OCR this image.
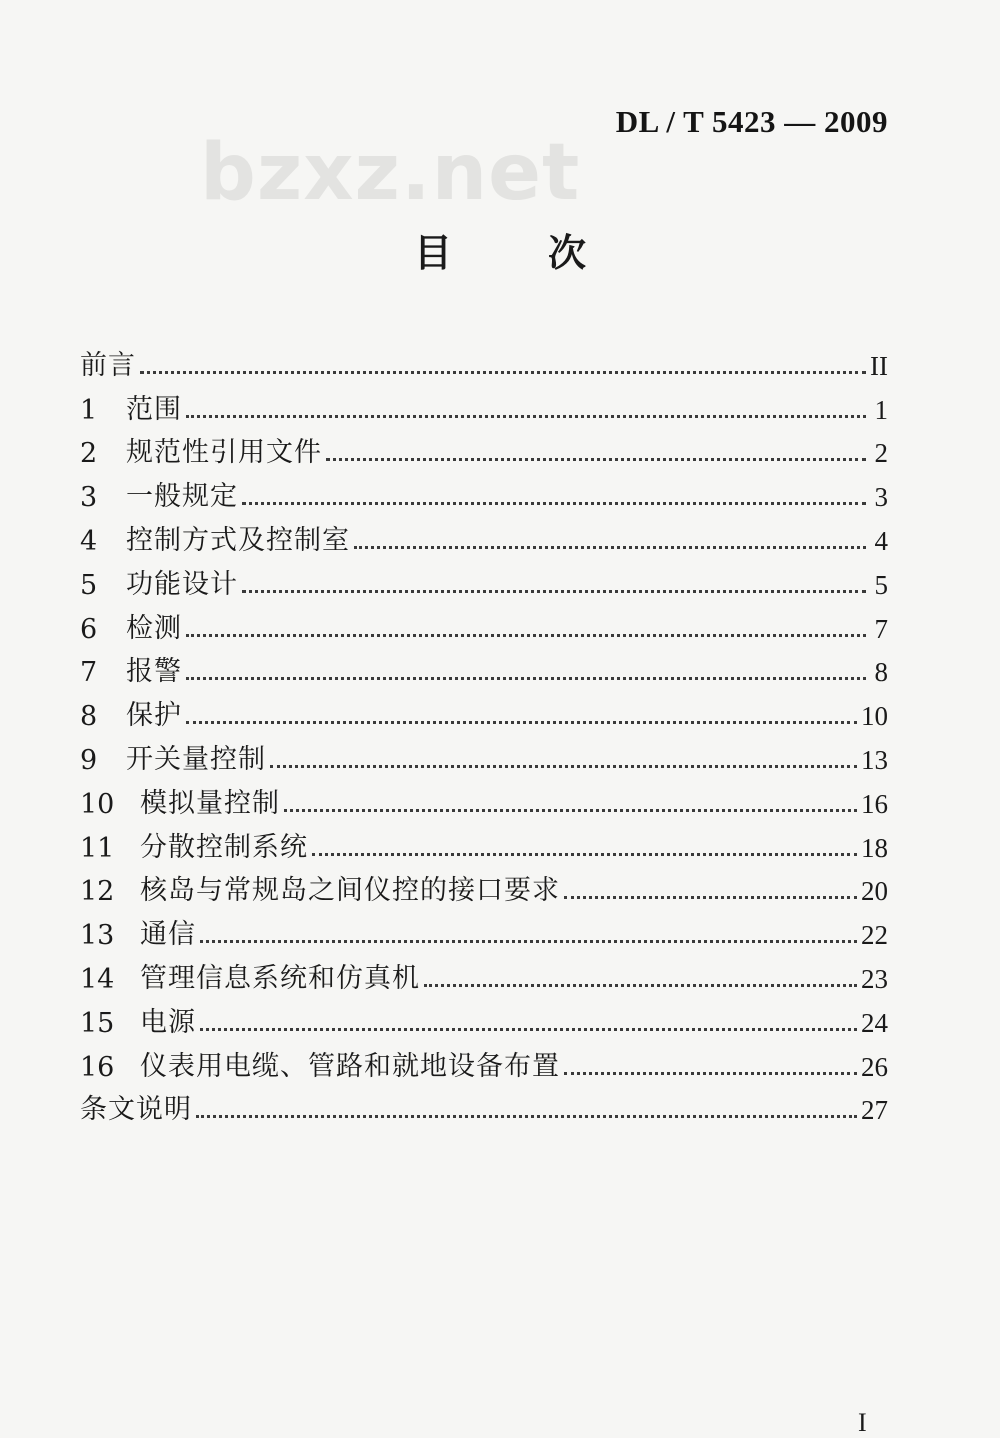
DL / T 5423 — 2009
bzxz.net
目	次
前言	II
1	范围	1
2	规范性引用文件	2
3	一般规定	3
4	控制方式及控制室	4
5	功能设计	5
6	检测	7
7	报警	8
8	保护	10
9	开关量控制	13
10 模拟量控制	16
11 分散控制系统	18
12 核岛与常规岛之间仪控的接口要求	20
13 通信	22
14 管理信息系统和仿真机	23
15 电源	24
16 仪表用电缆、管路和就地设备布置	26
条文说明	27
I
